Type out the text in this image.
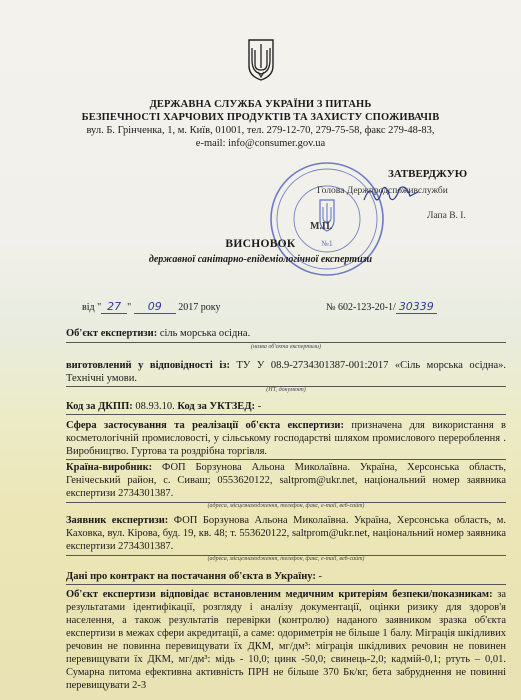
ДЕРЖАВНА СЛУЖБА УКРАЇНИ З ПИТАНЬ
БЕЗПЕЧНОСТІ ХАРЧОВИХ ПРОДУКТІВ ТА ЗАХИСТУ СПОЖИВАЧІВ
вул. Б. Грінченка, 1, м. Київ, 01001, тел. 279-12-70, 279-75-58, факс 279-48-83,
e-mail: info@consumer.gov.ua
№1
ЗАТВЕРДЖУЮ
Голова Держпродспоживслужби
М.П.
Лапа В. І.
ВИСНОВОК
державної санітарно-епідеміологічної експертизи
від " 27 " 09 2017 року	№ 602-123-20-1/ 30339
Об'єкт експертизи: сіль морська осідна.
(назва об'єкта експертизи)
виготовлений у відповідності із: ТУ У 08.9-2734301387-001:2017 «Сіль морська осідна». Технічні умови.
(НТ, документ)
Код за ДКПП: 08.93.10. Код за УКТЗЕД: -
Сфера застосування та реалізації об'єкта експертизи: призначена для використання в косметологічній промисловості, у сільському господарстві шляхом промислового перероблення . Виробництво. Гуртова та роздрібна торгівля.
Країна-виробник: ФОП Борзунова Альона Миколаївна. Україна, Херсонська область, Генічеський район, с. Сиваш; 0553620122, saltprom@ukr.net, національний номер заявника експертизи 2734301387.
(адреса, місцезнаходження, телефон, факс, e-mail, веб-сайт)
Заявник експертизи: ФОП Борзунова Альона Миколаївна. Україна, Херсонська область, м. Каховка, вул. Кірова, буд. 19, кв. 48; т. 553620122, saltprom@ukr.net, національний номер заявника експертизи 2734301387.
(адреса, місцезнаходження, телефон, факс, e-mail, веб-сайт)
Дані про контракт на постачання об'єкта в Україну: -
Об'єкт експертизи відповідає встановленим медичним критеріям безпеки/показникам: за результатами ідентифікації, розгляду і аналізу документації, оцінки ризику для здоров'я населення, а також результатів перевірки (контролю) наданого заявником зразка об'єкта експертизи в межах сфери акредитації, а саме: одориметрія не більше 1 балу. Міграція шкідливих речовин не повинна перевищувати їх ДКМ, мг/дм³: міграція шкідливих речовин не повинен перевищувати їх ДКМ, мг/дм³: мідь - 10,0; цинк -50,0; свинець-2,0; кадмій-0,1; ртуть – 0,01. Сумарна питома ефективна активність ПРН не більше 370 Бк/кг, бета забруднення не повинні перевищувати 2-3
